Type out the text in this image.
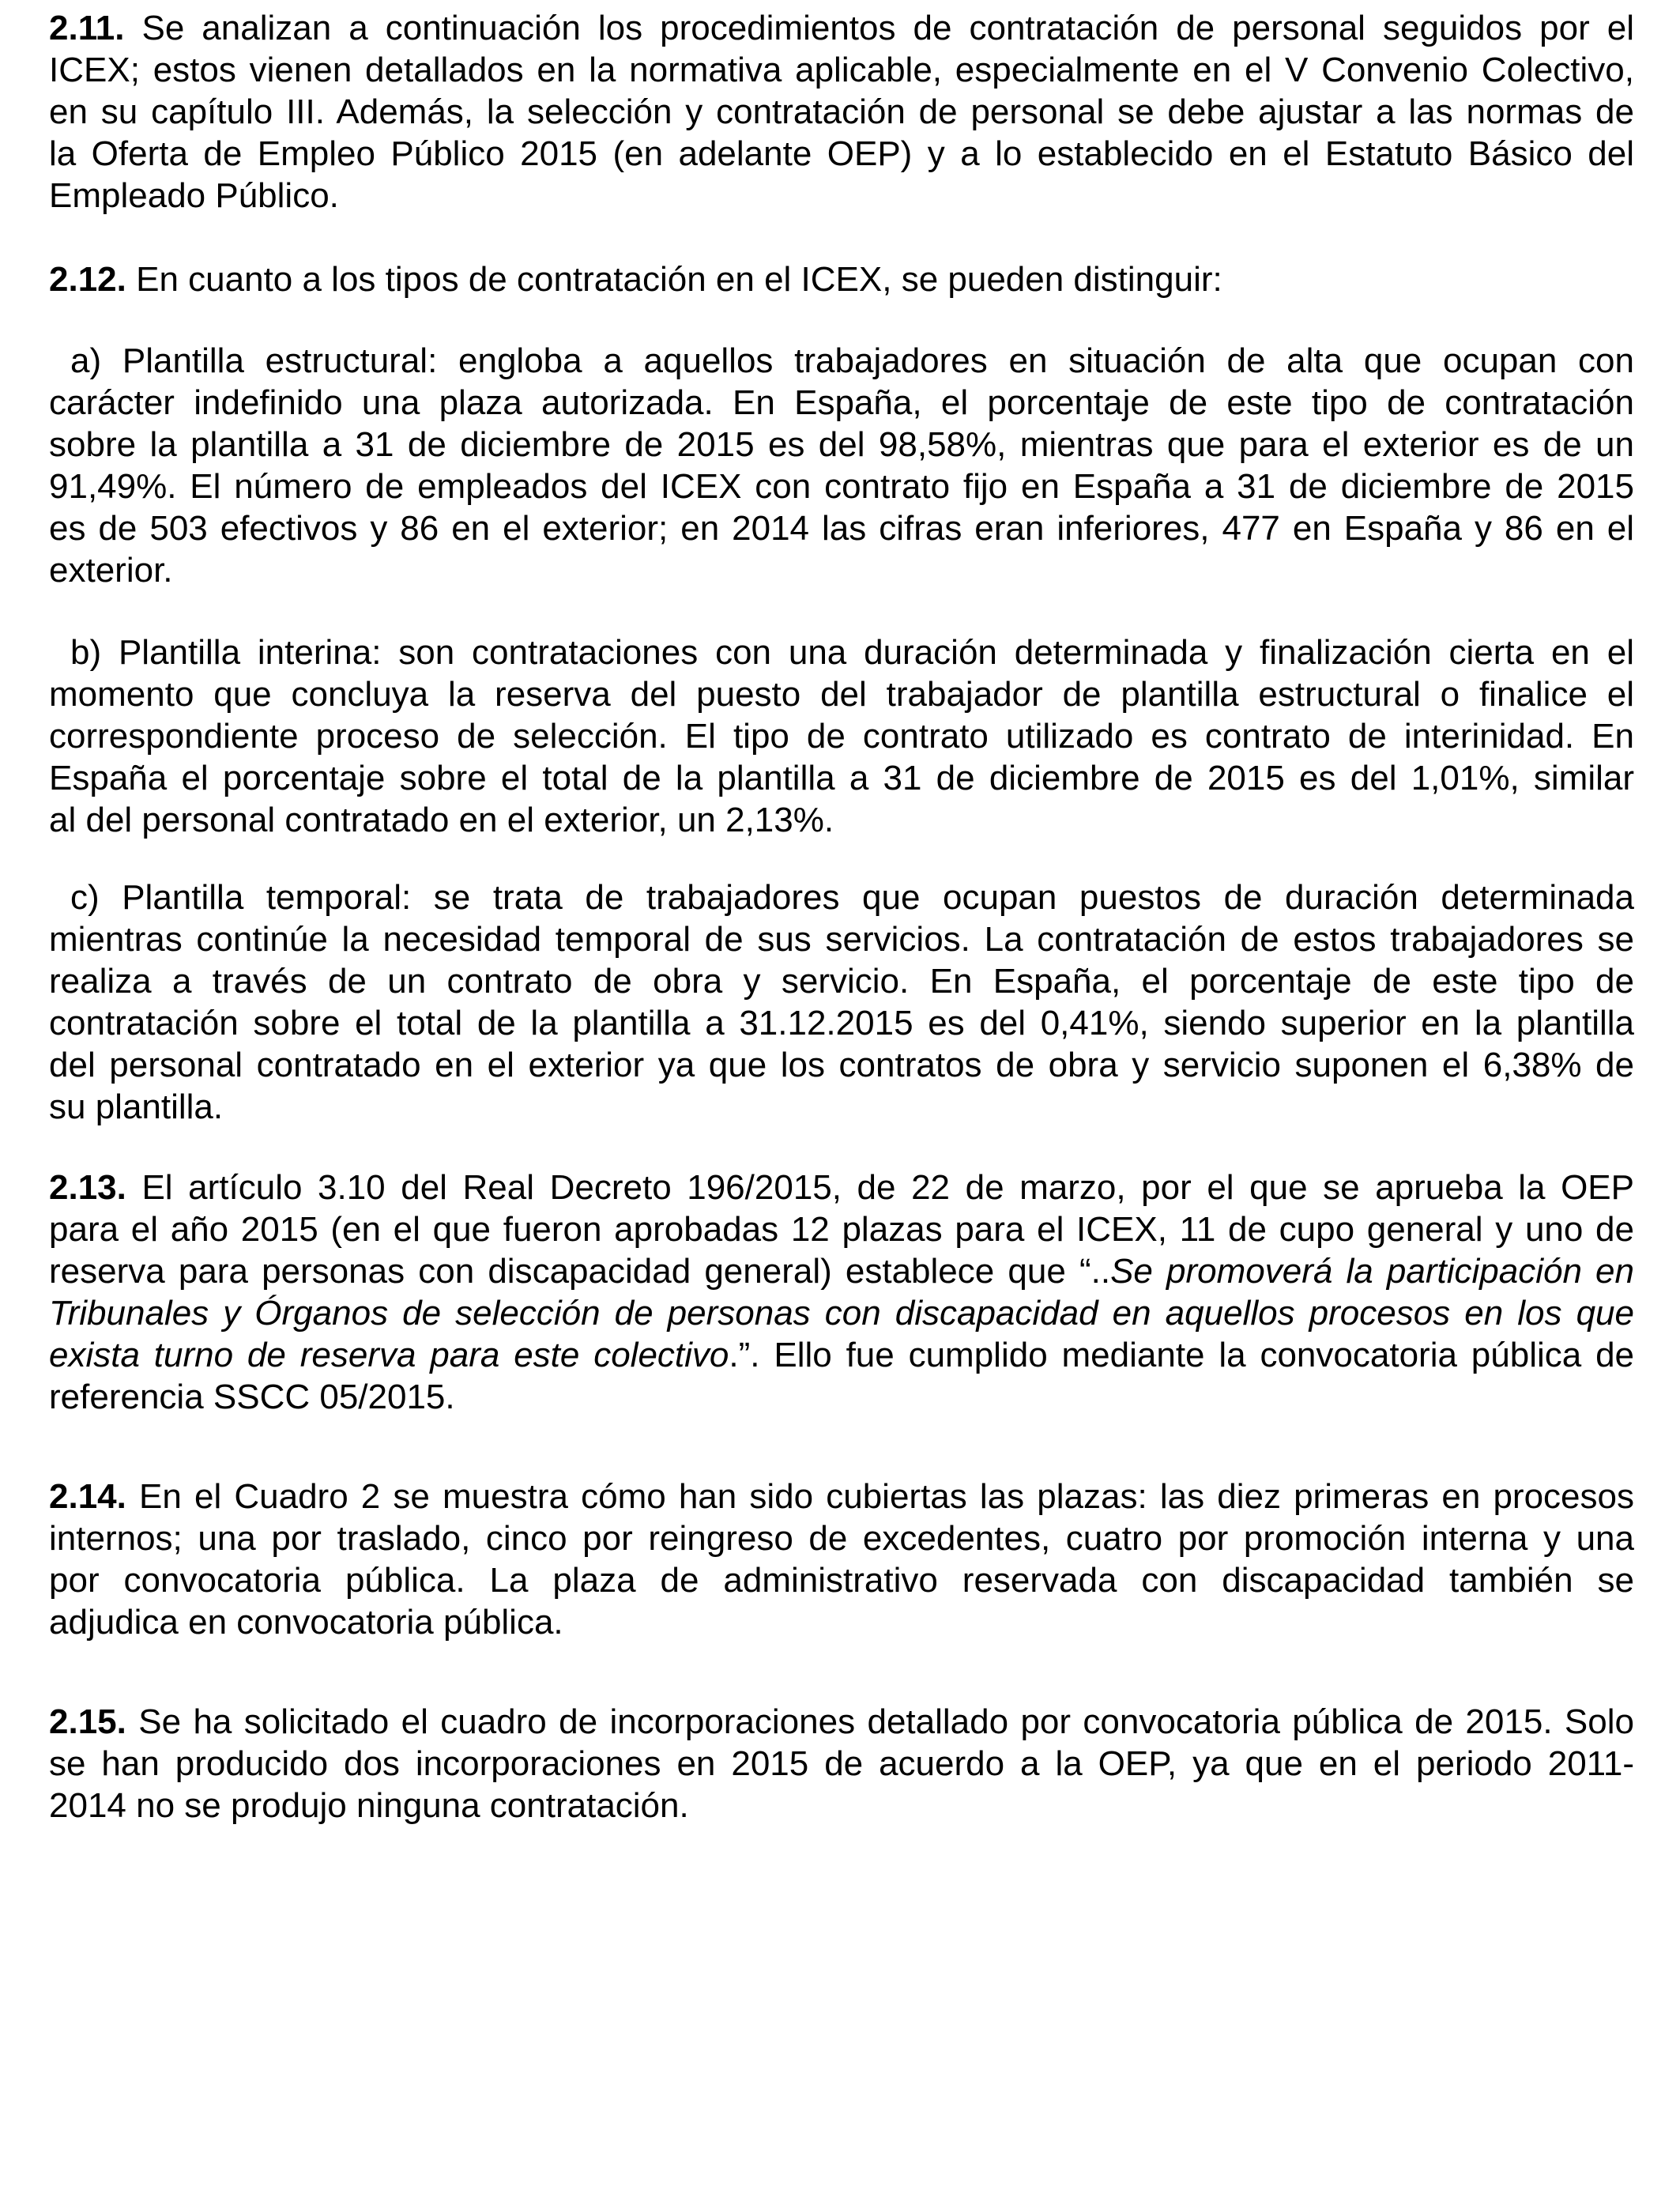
2.11. Se analizan a continuación los procedimientos de contratación de personal seguidos por el
ICEX; estos vienen detallados en la normativa aplicable, especialmente en el V Convenio Colectivo,
en su capítulo III. Además, la selección y contratación de personal se debe ajustar a las normas de
la Oferta de Empleo Público 2015 (en adelante OEP) y a lo establecido en el Estatuto Básico del
Empleado Público.
2.12. En cuanto a los tipos de contratación en el ICEX, se pueden distinguir:
a) Plantilla estructural: engloba a aquellos trabajadores en situación de alta que ocupan con
carácter indefinido una plaza autorizada. En España, el porcentaje de este tipo de contratación
sobre la plantilla a 31 de diciembre de 2015 es del 98,58%, mientras que para el exterior es de un
91,49%. El número de empleados del ICEX con contrato fijo en España a 31 de diciembre de 2015
es de 503 efectivos y 86 en el exterior; en 2014 las cifras eran inferiores, 477 en España y 86 en el
exterior.
b) Plantilla interina: son contrataciones con una duración determinada y finalización cierta en el
momento que concluya la reserva del puesto del trabajador de plantilla estructural o finalice el
correspondiente proceso de selección. El tipo de contrato utilizado es contrato de interinidad. En
España el porcentaje sobre el total de la plantilla a 31 de diciembre de 2015 es del 1,01%, similar
al del personal contratado en el exterior, un 2,13%.
c) Plantilla temporal: se trata de trabajadores que ocupan puestos de duración determinada
mientras continúe la necesidad temporal de sus servicios. La contratación de estos trabajadores se
realiza a través de un contrato de obra y servicio. En España, el porcentaje de este tipo de
contratación sobre el total de la plantilla a 31.12.2015 es del 0,41%, siendo superior en la plantilla
del personal contratado en el exterior ya que los contratos de obra y servicio suponen el 6,38% de
su plantilla.
2.13. El artículo 3.10 del Real Decreto 196/2015, de 22 de marzo, por el que se aprueba la OEP
para el año 2015 (en el que fueron aprobadas 12 plazas para el ICEX, 11 de cupo general y uno de
reserva para personas con discapacidad general) establece que “..Se promoverá la participación en
Tribunales y Órganos de selección de personas con discapacidad en aquellos procesos en los que
exista turno de reserva para este colectivo.”. Ello fue cumplido mediante la convocatoria pública de
referencia SSCC 05/2015.
2.14. En el Cuadro 2 se muestra cómo han sido cubiertas las plazas: las diez primeras en procesos
internos; una por traslado, cinco por reingreso de excedentes, cuatro por promoción interna y una
por convocatoria pública. La plaza de administrativo reservada con discapacidad también se
adjudica en convocatoria pública.
2.15. Se ha solicitado el cuadro de incorporaciones detallado por convocatoria pública de 2015. Solo
se han producido dos incorporaciones en 2015 de acuerdo a la OEP, ya que en el periodo 2011-
2014 no se produjo ninguna contratación.
